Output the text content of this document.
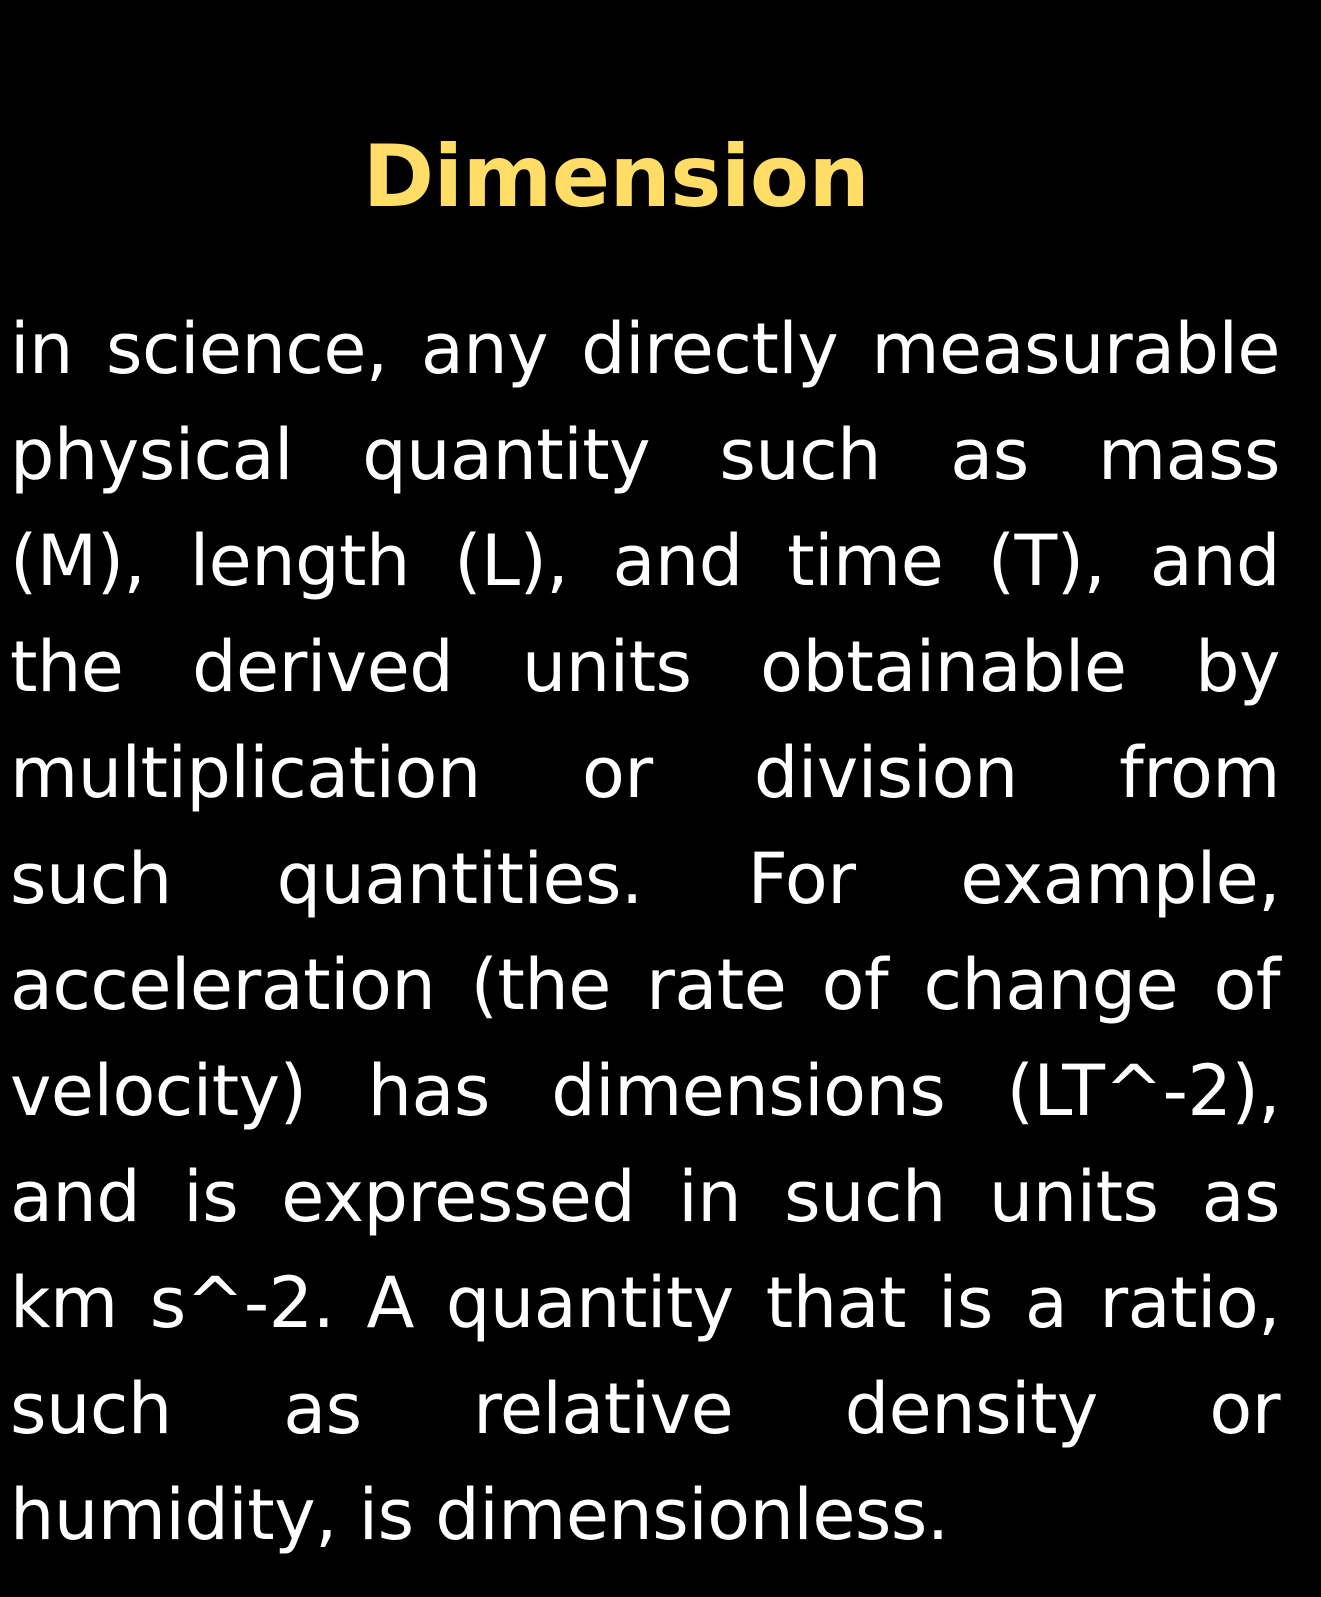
Dimension
in science, any directly measurable
physical quantity such as mass
(M), length (L), and time (T), and
the derived units obtainable by
multiplication or division from
such quantities. For example,
acceleration (the rate of change of
velocity) has dimensions (LT^-2),
and is expressed in such units as
km s^-2. A quantity that is a ratio,
such as relative density or
humidity, is dimensionless.
